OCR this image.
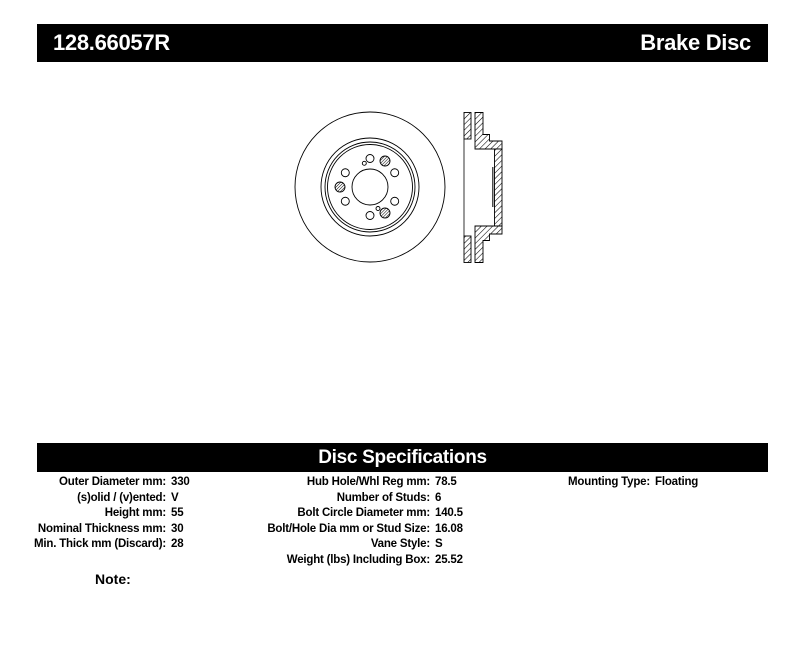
128.66057R	Brake Disc
Disc Specifications
Outer Diameter mm: 330
(s)olid / (v)ented: V
Height mm: 55
Nominal Thickness mm: 30
Min. Thick mm (Discard): 28
Hub Hole/Whl Reg mm: 78.5
Number of Studs: 6
Bolt Circle Diameter mm: 140.5
Bolt/Hole Dia mm or Stud Size: 16.08
Vane Style: S
Weight (lbs) Including Box: 25.52
Mounting Type: Floating
Note:
